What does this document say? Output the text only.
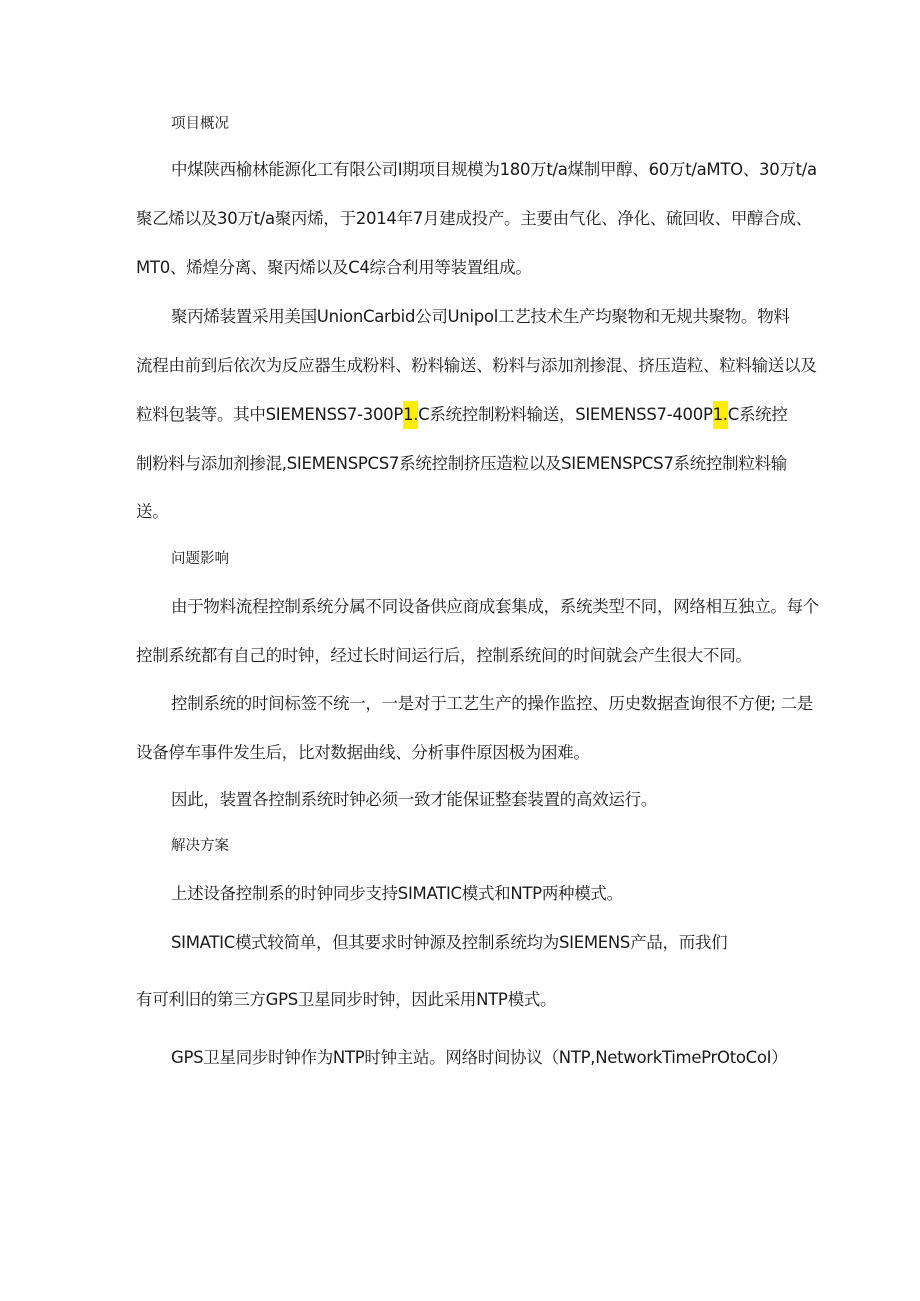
项目概况
中煤陕西榆林能源化工有限公司Ⅰ期项目规模为180万t/a煤制甲醇、60万t/aMTO、30万t/a
聚乙烯以及30万t/a聚丙烯，于2014年7月建成投产。主要由气化、净化、硫回收、甲醇合成、
MT0、烯煌分离、聚丙烯以及C4综合利用等装置组成。
聚丙烯装置采用美国UnionCarbid公司Unipol工艺技术生产均聚物和无规共聚物。物料
流程由前到后依次为反应器生成粉料、粉料输送、粉料与添加剂掺混、挤压造粒、粒料输送以及
粒料包装等。其中SIEMENSS7-300P1.C系统控制粉料输送，SIEMENSS7-400P1.C系统控
制粉料与添加剂掺混,SIEMENSPCS7系统控制挤压造粒以及SIEMENSPCS7系统控制粒料输
送。
问题影响
由于物料流程控制系统分属不同设备供应商成套集成，系统类型不同，网络相互独立。每个
控制系统都有自己的时钟，经过长时间运行后，控制系统间的时间就会产生很大不同。
控制系统的时间标签不统一，一是对于工艺生产的操作监控、历史数据查询很不方便; 二是
设备停车事件发生后，比对数据曲线、分析事件原因极为困难。
因此，装置各控制系统时钟必须一致才能保证整套装置的高效运行。
解决方案
上述设备控制系的时钟同步支持SIMATIC模式和NTP两种模式。
SIMATIC模式较简单，但其要求时钟源及控制系统均为SIEMENS产品，而我们
有可利旧的第三方GPS卫星同步时钟，因此采用NTP模式。
GPS卫星同步时钟作为NTP时钟主站。网络时间协议（NTP,NetworkTimePrOtoCoI）
